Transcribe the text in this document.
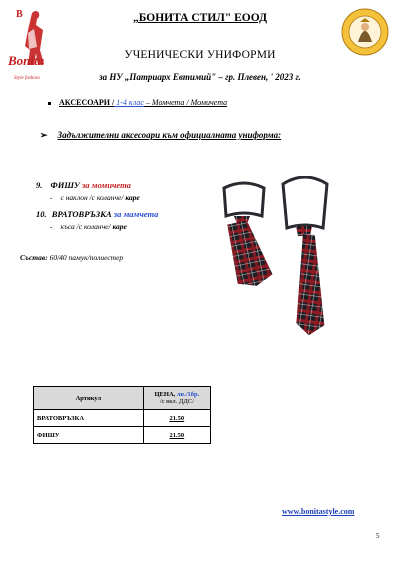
B
Bonita
Style fashion
„БОНИТА СТИЛ" ЕООД
УЧЕНИЧЕСКИ УНИФОРМИ
за НУ „Патриарх Евтимий" – гр. Плевен, ' 2023 г.
АКСЕСОАРИ / 1-4 клас – Момчета / Момичета
➢ Задължителни аксесоари към официалната униформа:
9. ФИШУ за момичета
- с наклон /с коланче/ каре
10. ВРАТОВРЪЗКА за мамчета
- къса /с коланче/ каре
Състав: 60/40 памук/полиестер
Артикул	ЦЕНА, лв./1бр.
/с вкл. ДДС/
ВРАТОВРЪЗКА	21.50
ФИШУ	21.50
www.bonitastyle.com
5
